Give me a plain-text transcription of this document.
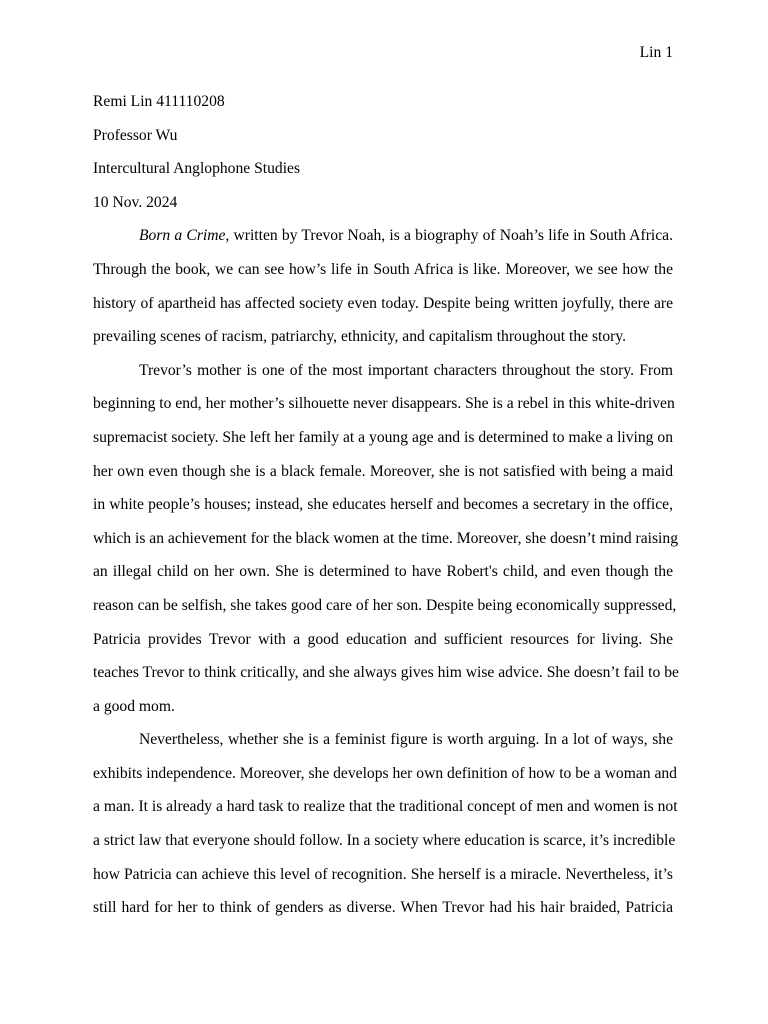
Lin 1

Remi Lin 411110208

Professor Wu

Intercultural Anglophone Studies

10 Nov. 2024

Born a Crime, written by Trevor Noah, is a biography of Noah’s life in South Africa.
Through the book, we can see how’s life in South Africa is like. Moreover, we see how the
history of apartheid has affected society even today. Despite being written joyfully, there are
prevailing scenes of racism, patriarchy, ethnicity, and capitalism throughout the story.
Trevor’s mother is one of the most important characters throughout the story. From
beginning to end, her mother’s silhouette never disappears. She is a rebel in this white-driven
supremacist society. She left her family at a young age and is determined to make a living on
her own even though she is a black female. Moreover, she is not satisfied with being a maid
in white people’s houses; instead, she educates herself and becomes a secretary in the office,
which is an achievement for the black women at the time. Moreover, she doesn’t mind raising
an illegal child on her own. She is determined to have Robert's child, and even though the
reason can be selfish, she takes good care of her son. Despite being economically suppressed,
Patricia provides Trevor with a good education and sufficient resources for living. She
teaches Trevor to think critically, and she always gives him wise advice. She doesn’t fail to be
a good mom.
Nevertheless, whether she is a feminist figure is worth arguing. In a lot of ways, she
exhibits independence. Moreover, she develops her own definition of how to be a woman and
a man. It is already a hard task to realize that the traditional concept of men and women is not
a strict law that everyone should follow. In a society where education is scarce, it’s incredible
how Patricia can achieve this level of recognition. She herself is a miracle. Nevertheless, it’s
still hard for her to think of genders as diverse. When Trevor had his hair braided, Patricia
